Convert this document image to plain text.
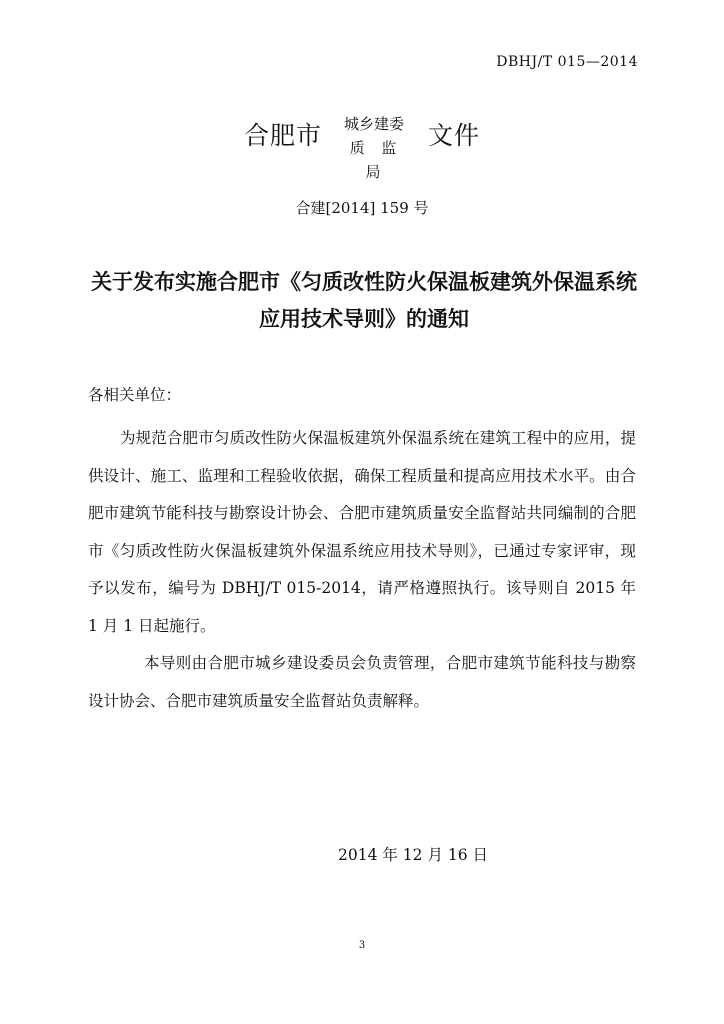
DBHJ/T 015—2014
合肥市	城乡建委
质 监 局
文件
合建[2014] 159 号
关于发布实施合肥市《匀质改性防火保温板建筑外保温系统应用技术导则》的通知
各相关单位：

为规范合肥市匀质改性防火保温板建筑外保温系统在建筑工程中的应用，提供设计、施工、监理和工程验收依据，确保工程质量和提高应用技术水平。由合肥市建筑节能科技与勘察设计协会、合肥市建筑质量安全监督站共同编制的合肥市《匀质改性防火保温板建筑外保温系统应用技术导则》，已通过专家评审，现予以发布，编号为 DBHJ/T 015-2014，请严格遵照执行。该导则自 2015 年 1 月 1 日起施行。

本导则由合肥市城乡建设委员会负责管理，合肥市建筑节能科技与勘察设计协会、合肥市建筑质量安全监督站负责解释。

2014 年 12 月 16 日
3
